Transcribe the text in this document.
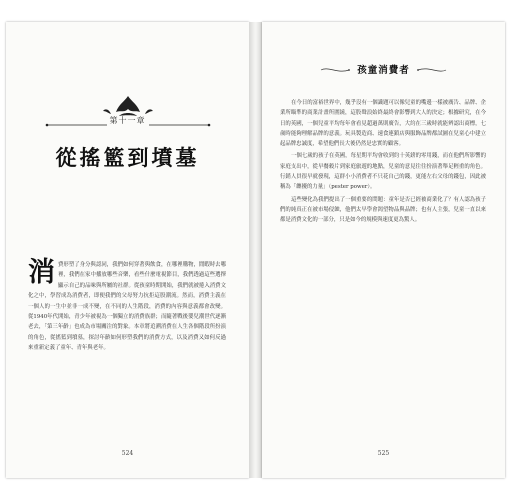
第十一章
從搖籃到墳墓

消 費形塑了身分與認同，我們如何穿著與飲食，在哪裡購物，閒暇時去哪裡，我們在家中播放哪些音樂，看些什麼電視節目，我們透過這些選擇顯示自己的品味與所屬的社群。從孩童時期開始，我們就被捲入消費文化之中，學習成為消費者，即便我們的父母努力抗拒這股潮流。然而，消費主義在一個人的一生中並非一成不變，在不同的人生階段，消費的內容與意義都會改變。從1940年代開始，青少年被視為一個獨立的消費族群；而隨著戰後嬰兒潮世代逐漸老去，「第三年齡」也成為市場關注的對象。本章將追溯消費在人生各個階段所扮演的角色，從搖籃到墳墓，探討年齡如何形塑我們的消費方式，以及消費又如何反過來重新定義了童年、青年與老年。

524
孩童消費者

在今日的富裕世界中，幾乎沒有一個識題可以像兒童的嘴邊一樣被廣告、品牌、企業所瞄準的商業計畫所圍繞，這股聲浪始終最終會影響到大人的決定；根據研究，在今日的英國，一個兒童平均每年會看見超過萬則廣告，大約在三歲時就能辨認出商標，七歲時能夠理解品牌的意義。玩具製造商、速食連鎖店與服飾品牌都試圖在兒童心中建立起品牌忠誠度，希望他們長大後仍然是忠實的顧客。

一個七歲的孩子在英國，每星期平均會收到約十英鎊的零用錢，而在他們所影響的家庭支出中，從早餐穀片到家庭旅遊的地點，兒童的意見往往扮演著舉足輕重的角色。行銷人員很早就發現，這群小小消費者不只花自己的錢，更能左右父母的錢包，因此被稱為「纏擾的力量」（pester power）。

這些變化為我們提出了一個重要的問題：童年是否已經被商業化了？有人認為孩子們的純真正在被市場侵蝕，他們太早學會渴望物品與品牌；也有人主張，兒童一直以來都是消費文化的一部分，只是如今的規模與速度更為驚人。

525
